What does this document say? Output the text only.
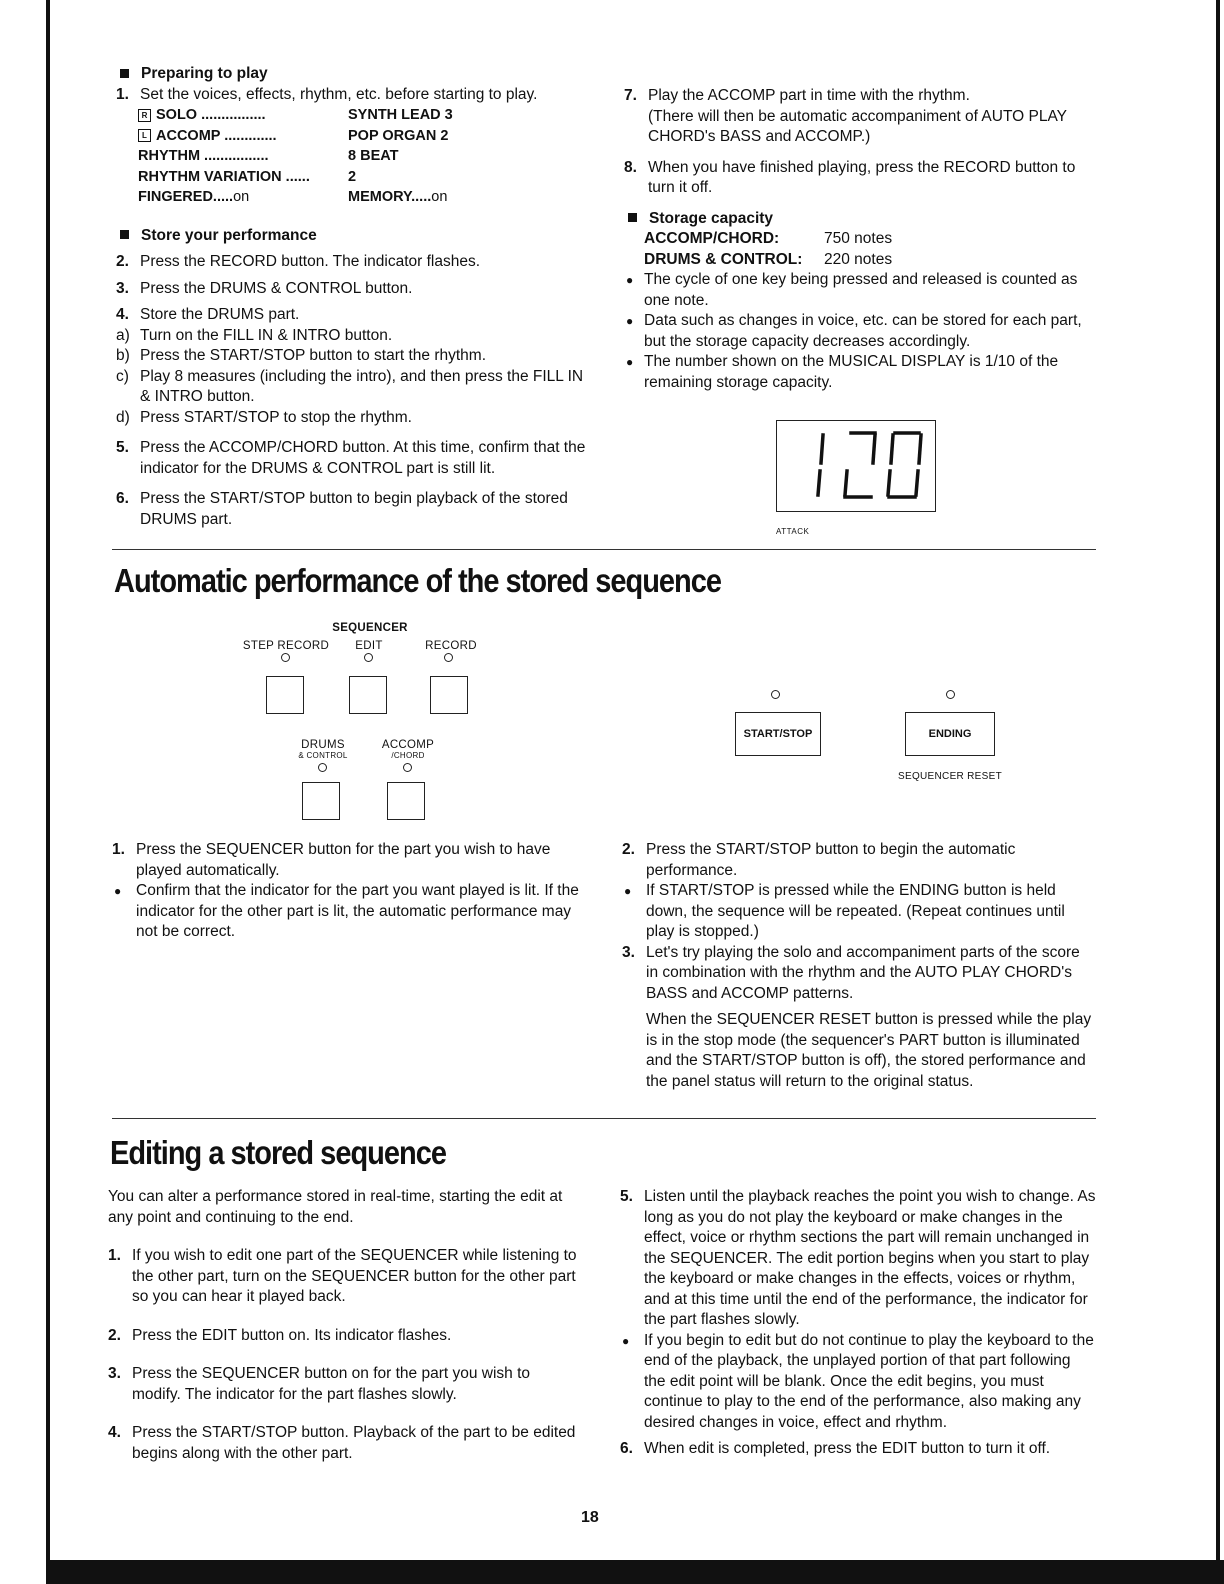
Preparing to play
1. Set the voices, effects, rhythm, etc. before starting to play.
R SOLO ................	SYNTH LEAD 3
L ACCOMP .............	POP ORGAN 2
RHYTHM ................	8 BEAT
RHYTHM VARIATION ......	2
FINGERED.....on	MEMORY.....on
Store your performance
2. Press the RECORD button. The indicator flashes.
3. Press the DRUMS & CONTROL button.
4. Store the DRUMS part.
a) Turn on the FILL IN & INTRO button.
b) Press the START/STOP button to start the rhythm.
c) Play 8 measures (including the intro), and then press the FILL IN & INTRO button.
d) Press START/STOP to stop the rhythm.
5. Press the ACCOMP/CHORD button. At this time, confirm that the indicator for the DRUMS & CONTROL part is still lit.
6. Press the START/STOP button to begin playback of the stored DRUMS part.
7. Play the ACCOMP part in time with the rhythm.
(There will then be automatic accompaniment of AUTO PLAY CHORD's BASS and ACCOMP.)
8. When you have finished playing, press the RECORD button to turn it off.
Storage capacity
ACCOMP/CHORD:	750 notes
DRUMS & CONTROL:	220 notes
● The cycle of one key being pressed and released is counted as one note.
● Data such as changes in voice, etc. can be stored for each part, but the storage capacity decreases accordingly.
● The number shown on the MUSICAL DISPLAY is 1/10 of the remaining storage capacity.
ATTACK
Automatic performance of the stored sequence
SEQUENCER
STEP RECORD	EDIT	RECORD
DRUMS
& CONTROL
ACCOMP
/CHORD
START/STOP	ENDING
SEQUENCER RESET
1. Press the SEQUENCER button for the part you wish to have played automatically.
● Confirm that the indicator for the part you want played is lit. If the indicator for the other part is lit, the automatic performance may not be correct.
2. Press the START/STOP button to begin the automatic performance.
● If START/STOP is pressed while the ENDING button is held down, the sequence will be repeated. (Repeat continues until play is stopped.)
3. Let's try playing the solo and accompaniment parts of the score in combination with the rhythm and the AUTO PLAY CHORD's BASS and ACCOMP patterns.
When the SEQUENCER RESET button is pressed while the play is in the stop mode (the sequencer's PART button is illuminated and the START/STOP button is off), the stored performance and the panel status will return to the original status.
Editing a stored sequence
You can alter a performance stored in real-time, starting the edit at any point and continuing to the end.
1. If you wish to edit one part of the SEQUENCER while listening to the other part, turn on the SEQUENCER button for the other part so you can hear it played back.
2. Press the EDIT button on. Its indicator flashes.
3. Press the SEQUENCER button on for the part you wish to modify. The indicator for the part flashes slowly.
4. Press the START/STOP button. Playback of the part to be edited begins along with the other part.
5. Listen until the playback reaches the point you wish to change. As long as you do not play the keyboard or make changes in the effect, voice or rhythm sections the part will remain unchanged in the SEQUENCER. The edit portion begins when you start to play the keyboard or make changes in the effects, voices or rhythm, and at this time until the end of the performance, the indicator for the part flashes slowly.
● If you begin to edit but do not continue to play the keyboard to the end of the playback, the unplayed portion of that part following the edit point will be blank. Once the edit begins, you must continue to play to the end of the performance, also making any desired changes in voice, effect and rhythm.
6. When edit is completed, press the EDIT button to turn it off.
18
